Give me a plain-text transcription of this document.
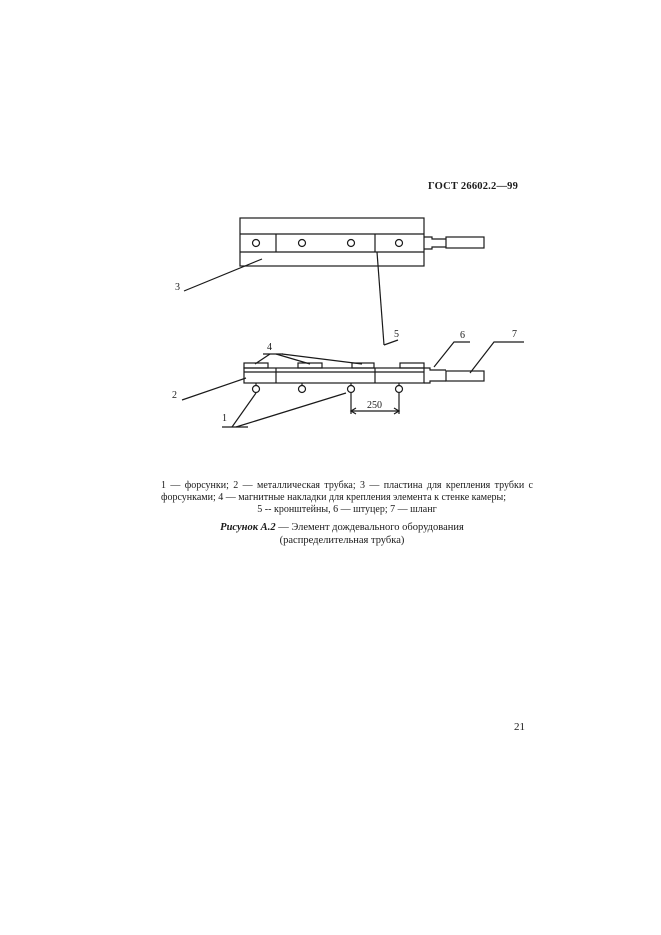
ГОСТ 26602.2—99
3
4
5	6	7
2
1
250
1 — форсунки; 2 — металлическая трубка; 3 — пластина для крепления трубки с форсунками; 4 — магнитные накладки для крепления элемента к стенке камеры;
5 -- кронштейны, 6 — штуцер; 7 — шланг
Рисунок А.2 — Элемент дождевального оборудования
(распределительная трубка)
21
